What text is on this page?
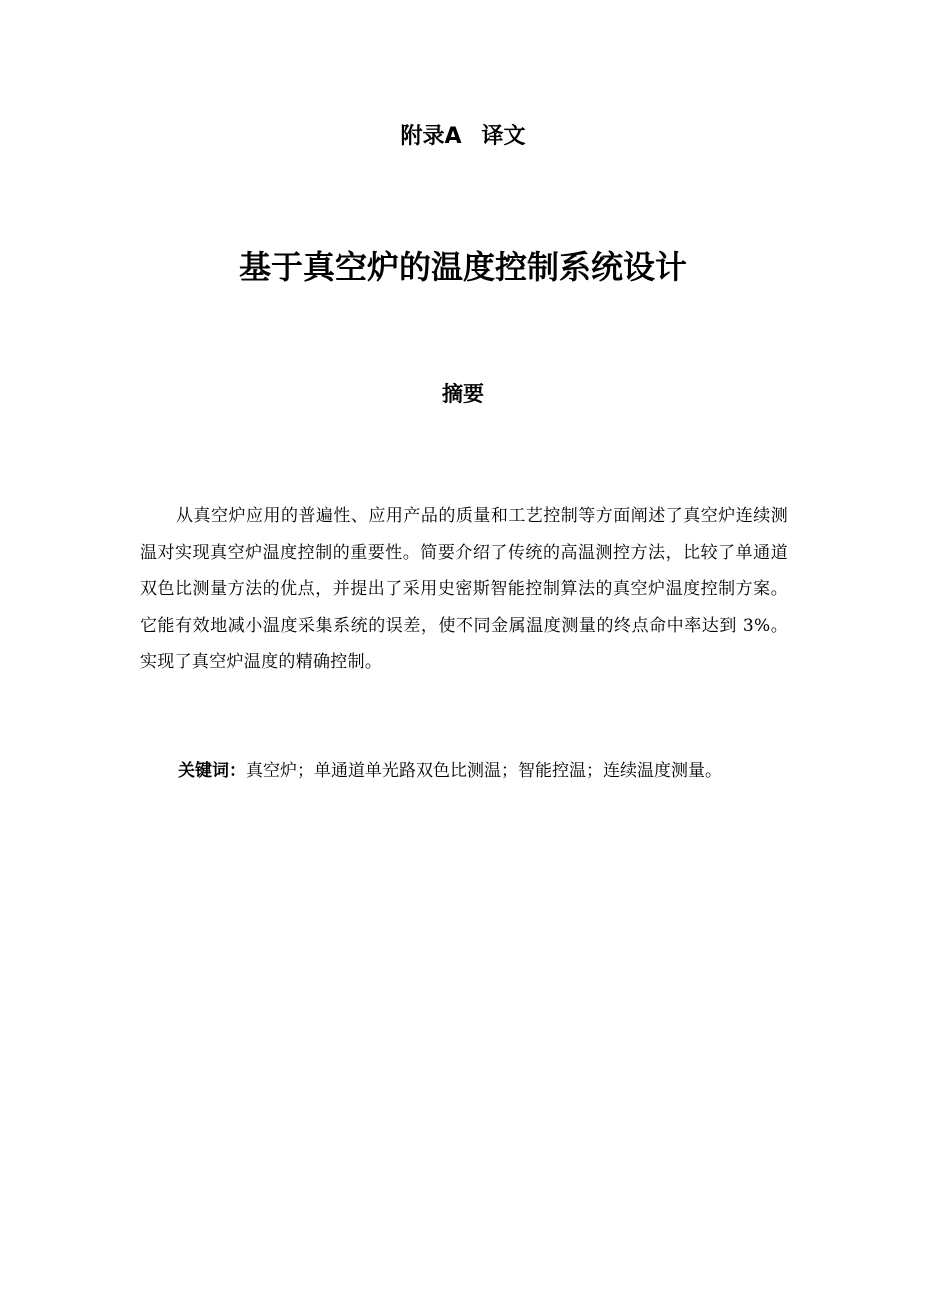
附录A 译文
基于真空炉的温度控制系统设计
摘要
从真空炉应用的普遍性、应用产品的质量和工艺控制等方面阐述了真空炉连续测温对实现真空炉温度控制的重要性。简要介绍了传统的高温测控方法，比较了单通道双色比测量方法的优点，并提出了采用史密斯智能控制算法的真空炉温度控制方案。它能有效地减小温度采集系统的误差，使不同金属温度测量的终点命中率达到 3%。实现了真空炉温度的精确控制。
关键词：真空炉；单通道单光路双色比测温；智能控温；连续温度测量。
